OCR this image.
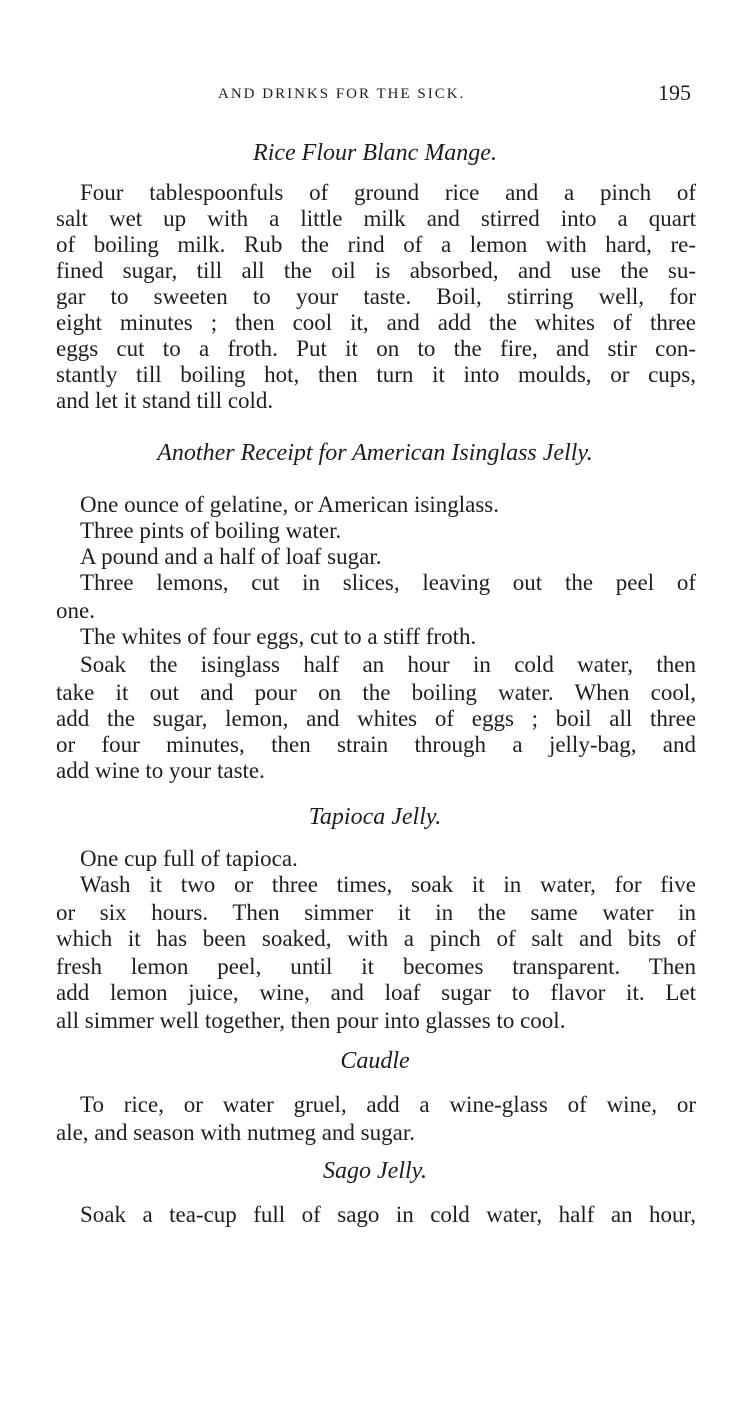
AND DRINKS FOR THE SICK.	195
Rice Flour Blanc Mange.
Four tablespoonfuls of ground rice and a pinch of
salt wet up with a little milk and stirred into a quart
of boiling milk. Rub the rind of a lemon with hard, re-
fined sugar, till all the oil is absorbed, and use the su-
gar to sweeten to your taste. Boil, stirring well, for
eight minutes ; then cool it, and add the whites of three
eggs cut to a froth. Put it on to the fire, and stir con-
stantly till boiling hot, then turn it into moulds, or cups,
and let it stand till cold.
Another Receipt for American Isinglass Jelly.
One ounce of gelatine, or American isinglass.
Three pints of boiling water.
A pound and a half of loaf sugar.
Three lemons, cut in slices, leaving out the peel of
one.
The whites of four eggs, cut to a stiff froth.
Soak the isinglass half an hour in cold water, then
take it out and pour on the boiling water. When cool,
add the sugar, lemon, and whites of eggs ; boil all three
or four minutes, then strain through a jelly-bag, and
add wine to your taste.
Tapioca Jelly.
One cup full of tapioca.
Wash it two or three times, soak it in water, for five
or six hours. Then simmer it in the same water in
which it has been soaked, with a pinch of salt and bits of
fresh lemon peel, until it becomes transparent. Then
add lemon juice, wine, and loaf sugar to flavor it. Let
all simmer well together, then pour into glasses to cool.
Caudle
To rice, or water gruel, add a wine-glass of wine, or
ale, and season with nutmeg and sugar.
Sago Jelly.
Soak a tea-cup full of sago in cold water, half an hour,
